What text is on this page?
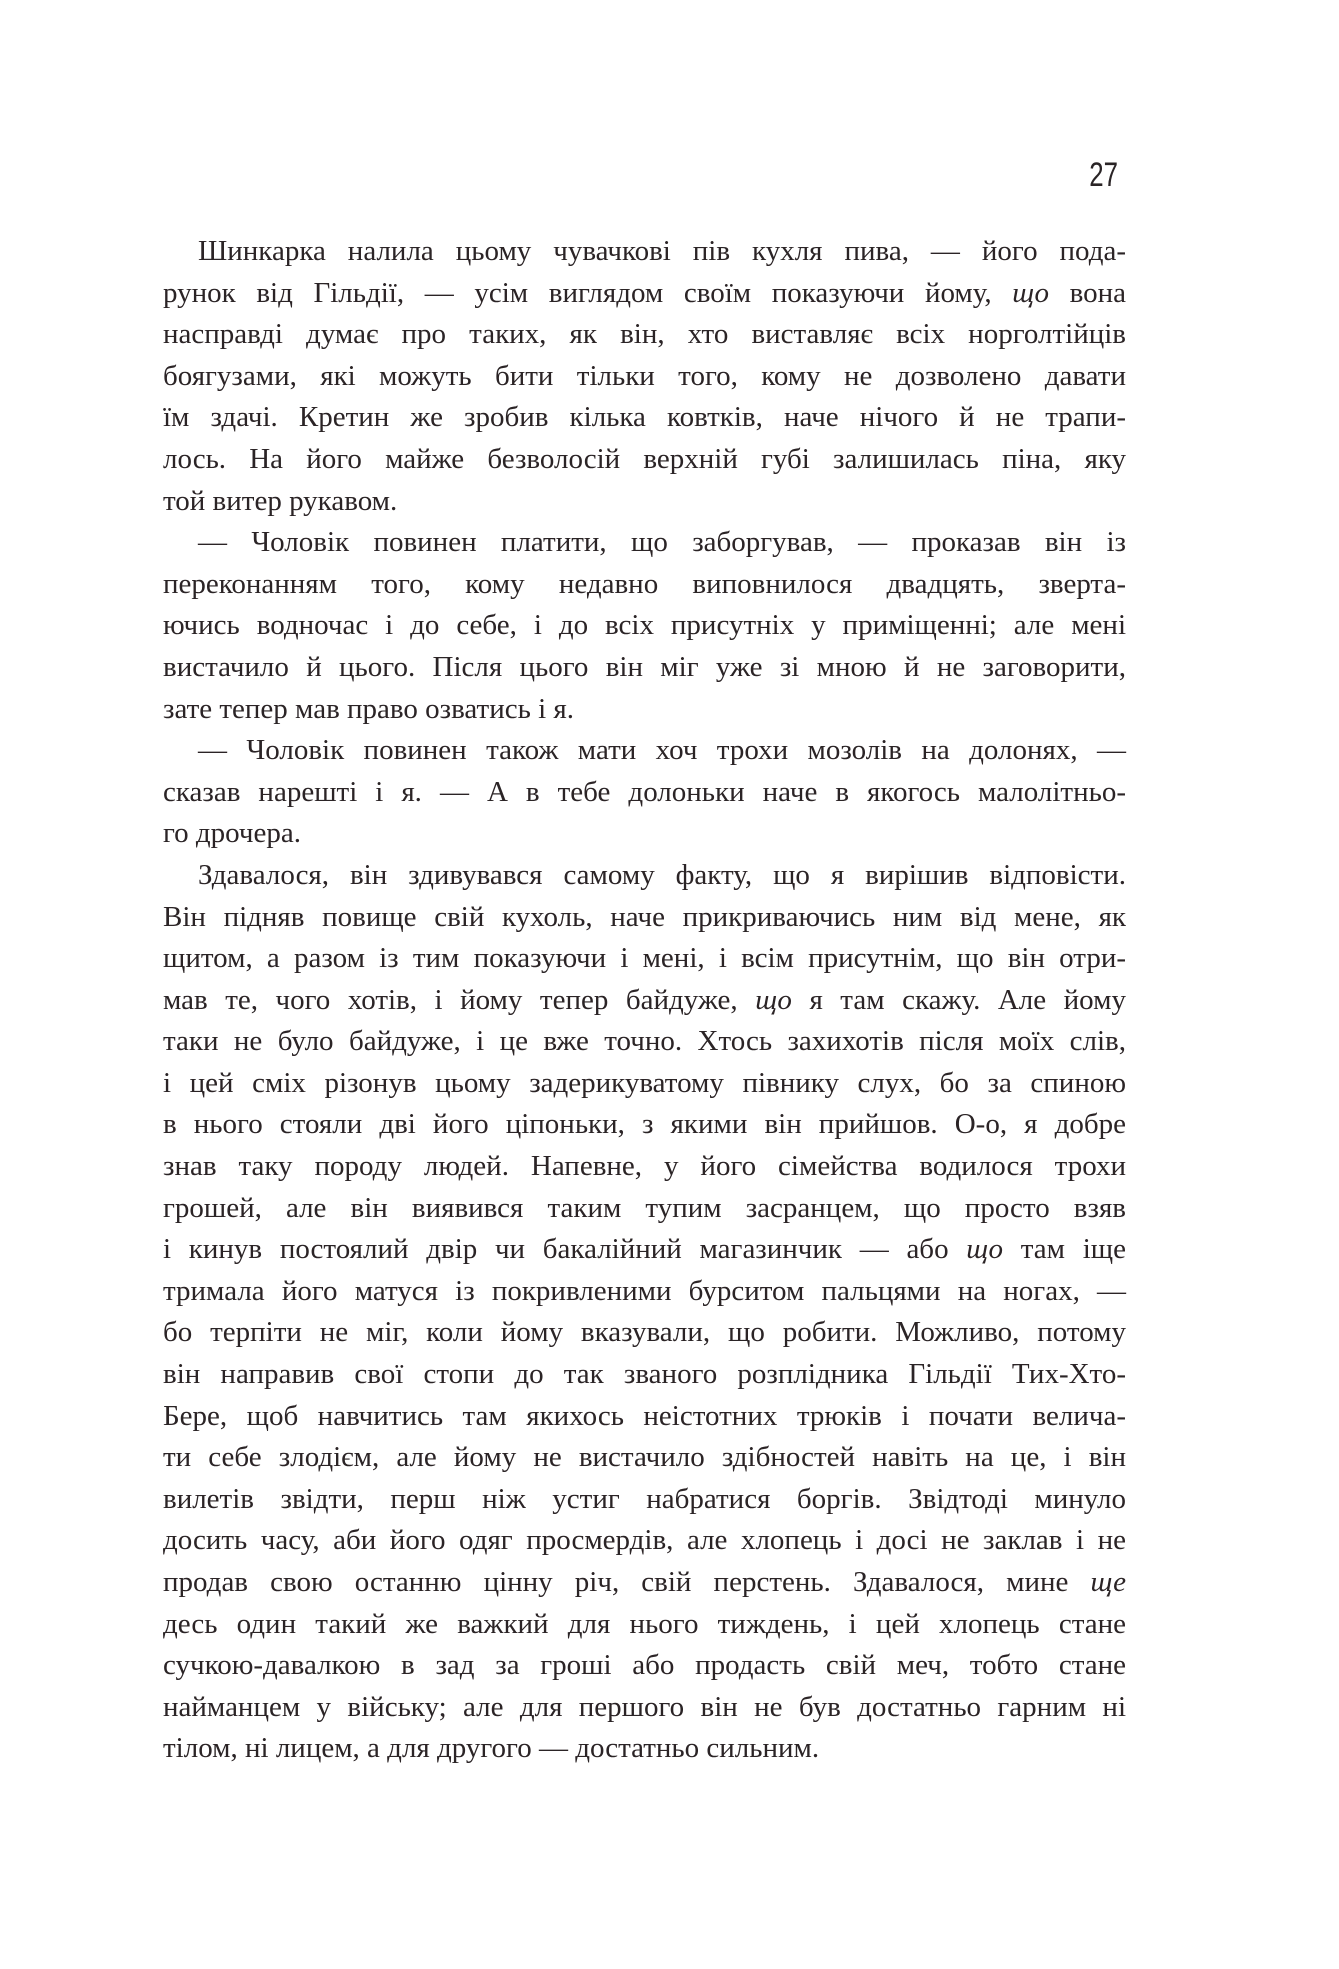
27
Шинкарка налила цьому чувачкові пів кухля пива, — його пода-
рунок від Гільдії, — усім виглядом своїм показуючи йому, що вона
насправді думає про таких, як він, хто виставляє всіх норголтійців
боягузами, які можуть бити тільки того, кому не дозволено давати
їм здачі. Кретин же зробив кілька ковтків, наче нічого й не трапи-
лось. На його майже безволосій верхній губі залишилась піна, яку
той витер рукавом.
— Чоловік повинен платити, що заборгував, — проказав він із
переконанням того, кому недавно виповнилося двадцять, зверта-
ючись водночас і до себе, і до всіх присутніх у приміщенні; але мені
вистачило й цього. Після цього він міг уже зі мною й не заговорити,
зате тепер мав право озватись і я.
— Чоловік повинен також мати хоч трохи мозолів на долонях, —
сказав нарешті і я. — А в тебе долоньки наче в якогось малолітньо-
го дрочера.
Здавалося, він здивувався самому факту, що я вирішив відповісти.
Він підняв повище свій кухоль, наче прикриваючись ним від мене, як
щитом, а разом із тим показуючи і мені, і всім присутнім, що він отри-
мав те, чого хотів, і йому тепер байдуже, що я там скажу. Але йому
таки не було байдуже, і це вже точно. Хтось захихотів після моїх слів,
і цей сміх різонув цьому задерикуватому півнику слух, бо за спиною
в нього стояли дві його ціпоньки, з якими він прийшов. О-о, я добре
знав таку породу людей. Напевне, у його сімейства водилося трохи
грошей, але він виявився таким тупим засранцем, що просто взяв
і кинув постоялий двір чи бакалійний магазинчик — або що там іще
тримала його матуся із покривленими бурситом пальцями на ногах, —
бо терпіти не міг, коли йому вказували, що робити. Можливо, потому
він направив свої стопи до так званого розплідника Гільдії Тих-Хто-
Бере, щоб навчитись там якихось неістотних трюків і почати велича-
ти себе злодієм, але йому не вистачило здібностей навіть на це, і він
вилетів звідти, перш ніж устиг набратися боргів. Звідтоді минуло
досить часу, аби його одяг просмердів, але хлопець і досі не заклав і не
продав свою останню цінну річ, свій перстень. Здавалося, мине ще
десь один такий же важкий для нього тиждень, і цей хлопець стане
сучкою-давалкою в зад за гроші або продасть свій меч, тобто стане
найманцем у війську; але для першого він не був достатньо гарним ні
тілом, ні лицем, а для другого — достатньо сильним.
